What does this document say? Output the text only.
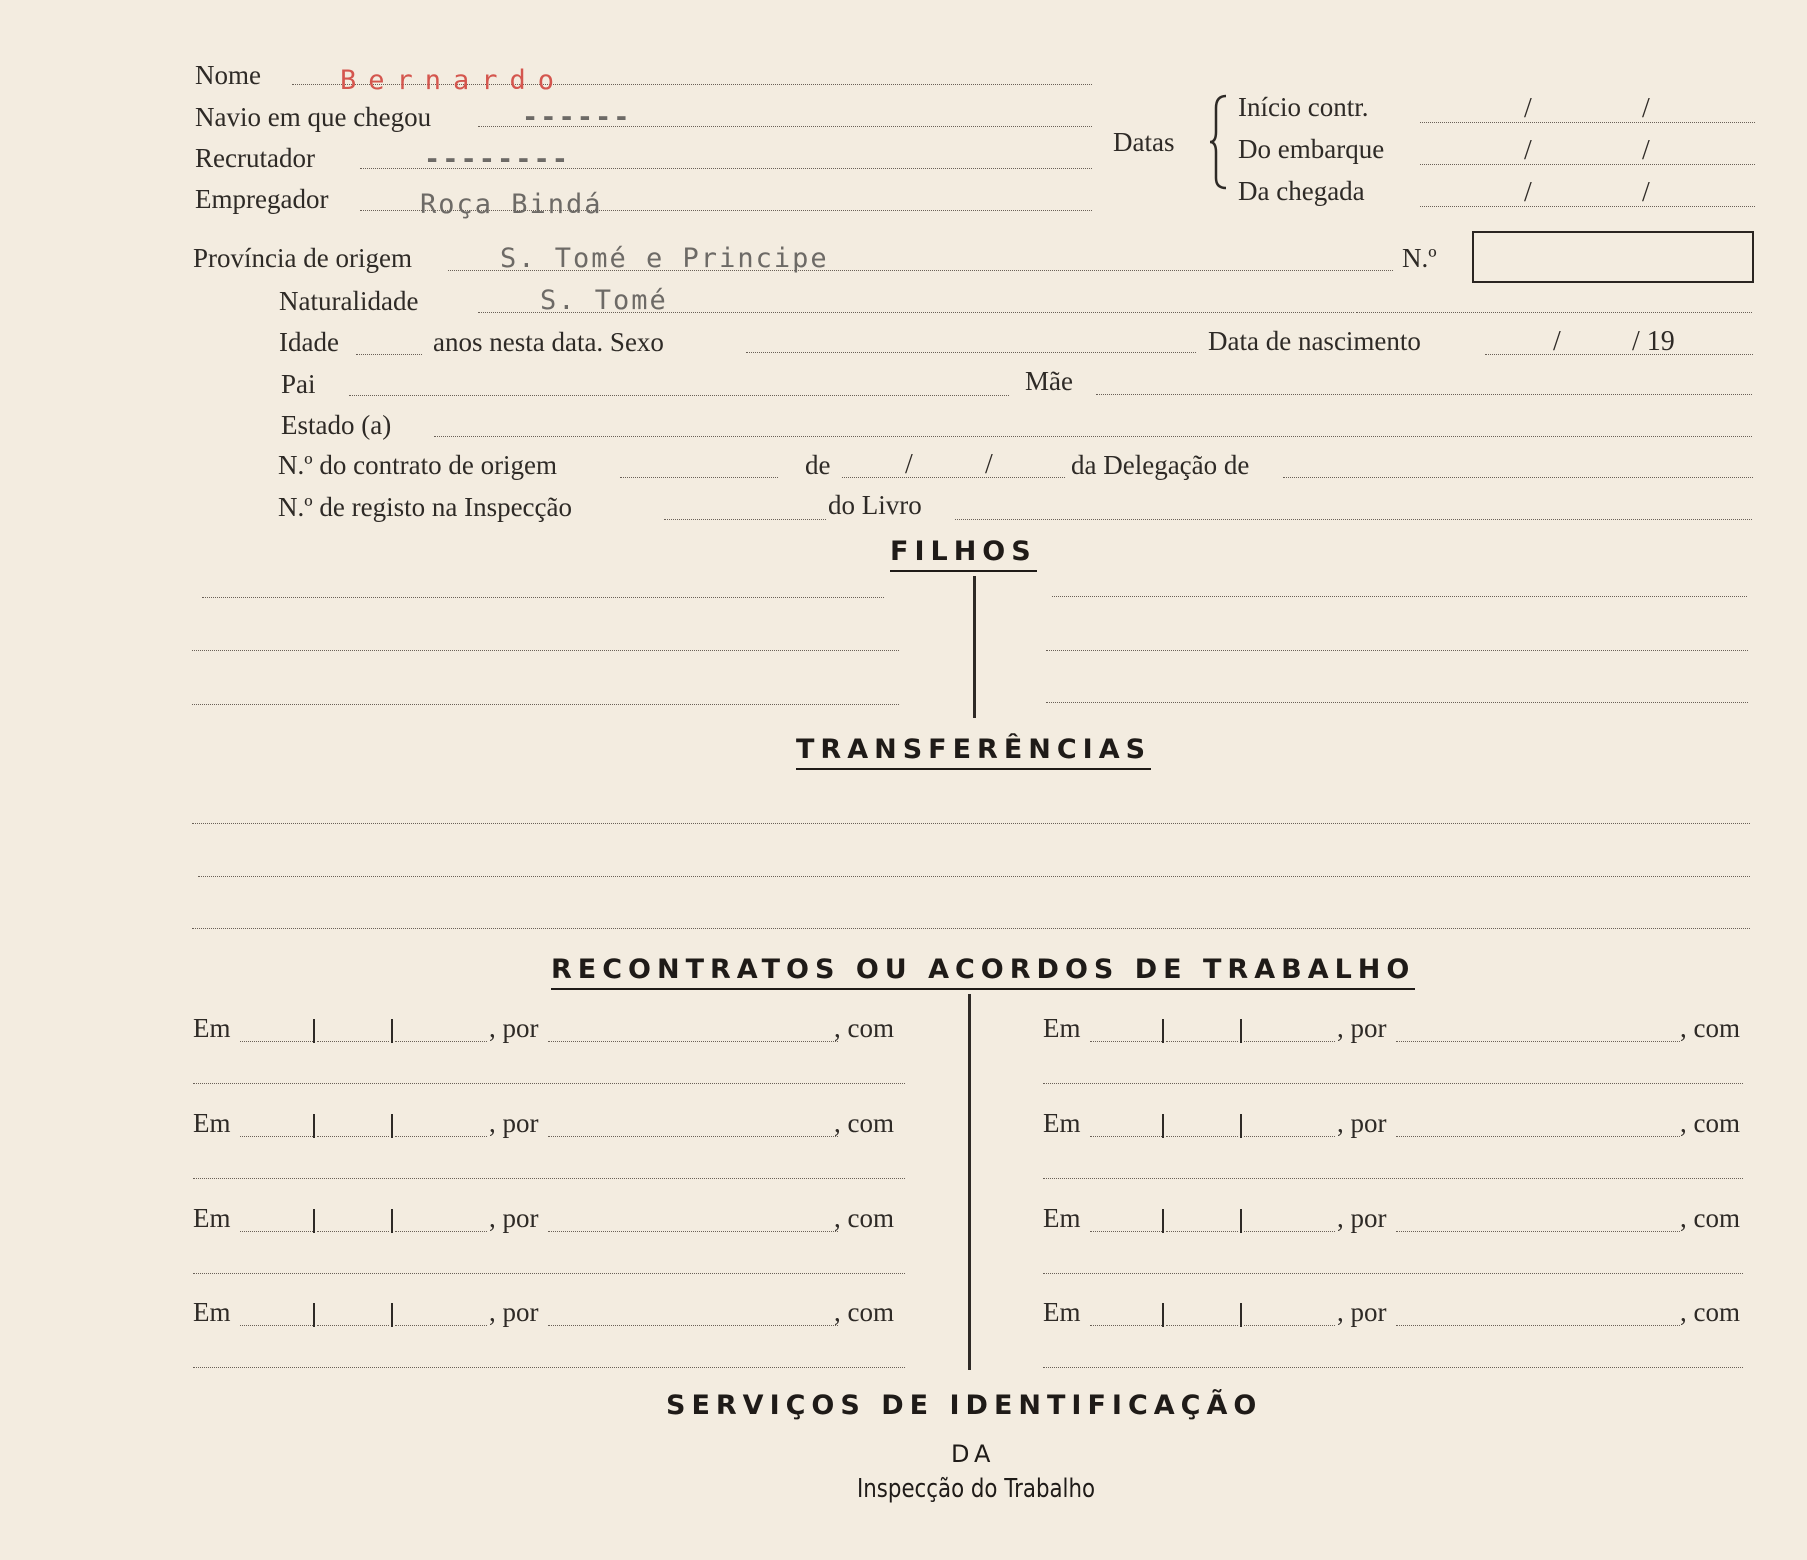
Nome	Bernardo
Navio em que chegou	------
Recrutador	--------
Empregador	Roça Bindá
Datas
Início contr.	/	/
Do embarque	/	/
Da chegada	/	/
Província de origem	S. Tomé e Principe	N.º
Naturalidade	S. Tomé
Idade	anos nesta data. Sexo	Data de nascimento	/	/ 19
Pai	Mãe
Estado (a)
N.º do contrato de origem	de	/	/	da Delegação de
N.º de registo na Inspecção	do Livro
FILHOS
TRANSFERÊNCIAS
RECONTRATOS OU ACORDOS DE TRABALHO
SERVIÇOS DE IDENTIFICAÇÃO
DA
Inspecção do Trabalho
Em	, por	, com
Em	, por	, com
Em	, por	, com
Em	, por	, com
Em	, por	, com
Em	, por	, com
Em	, por	, com
Em	, por	, com
